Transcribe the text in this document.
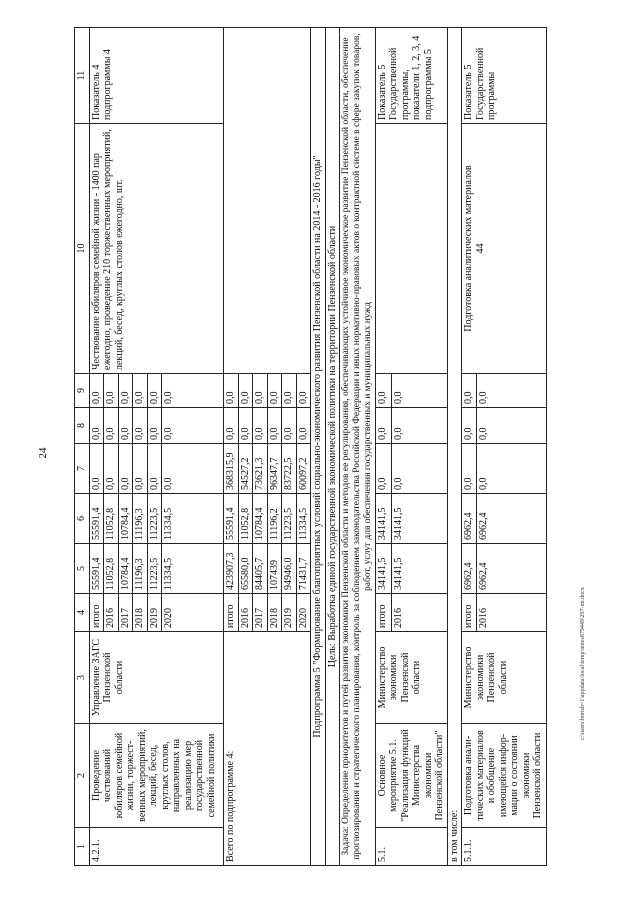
24
1	2	3	4	5	6	7	8	9	10	11
4.2.1.	Проведение чествований юбиляров семейной жизни, торжест-венных мероприятий, лекций, бесед, круглых столов, направленных на реализацию мер государственной семейной политики	Управление ЗАГС Пензенской области	итого	55591,4	55591,4	0,0	0,0	0,0	Чествование юбиляров семейной жизни - 1400 пар ежегодно, проведение 210 торжественных мероприятий, лекций, бесед, круглых столов ежегодно, шт.	Показатель 4 подпрограммы 4
			2016	11052,8	11052,8	0,0	0,0	0,0		
			2017	10784,4	10784,4	0,0	0,0	0,0		
			2018	11196,3	11196,3	0,0	0,0	0,0		
			2019	11223,5	11223,5	0,0	0,0	0,0		
			2020	11334,5	11334,5	0,0	0,0	0,0		
Всего по подпрограмме 4:			итого	423907,3	55591,4	368315,9	0,0	0,0		
			2016	65580,0	11052,8	54527,2	0,0	0,0		
			2017	84405,7	10784,4	73621,3	0,0	0,0		
			2018	107439	11196,2	96347,7	0,0	0,0		
			2019	94946,0	11223,5	83722,5	0,0	0,0		
			2020	71431,7	11334,5	60097,2	0,0	0,0		
Подпрограмма 5 "Формирование благоприятных условий социально-экономического развития Пензенской области на 2014 - 2016 годы"										
Цель: Выработка единой государственной экономической политики на территории Пензенской области										
Задача: Определение приоритетов и путей развития экономики Пензенской области и методов ее регулирования, обеспечивающих устойчивое экономическое развитие Пензенской области, обеспечение прогнозирования и стратегического планирования, контроль за соблюдением законодательства Российской Федерации и иных нормативно-правовых актов о контрактной системе в сфере закупок товаров, работ, услуг для обеспечения государственных и муниципальных нужд										
5.1.	Основное мероприятие 5.1. "Реализация функций Министерства экономики Пензенской области"	Министерство экономики Пензенской области	итого	34141,5	34141,5	0,0	0,0	0,0		Показатель 5 Государственной программы, показатели 1, 2, 3, 4 подпрограммы 5
			2016	34141,5	34141,5	0,0	0,0	0,0		
в том числе:										
5.1.1.	Подготовка анали-тических материалов и обобщение имеющейся инфор-мации о состоянии экономики Пензенской области	Министерство экономики Пензенской области	итого	6962,4	6962,4	0,0	0,0	0,0	Подготовка аналитических материалов 44	Показатель 5 Государственной программы
			2016	6962,4	6962,4	0,0	0,0	0,0		
c:\users\borisb~1\appdata\local\temp\notes879449\297-nn.docx
